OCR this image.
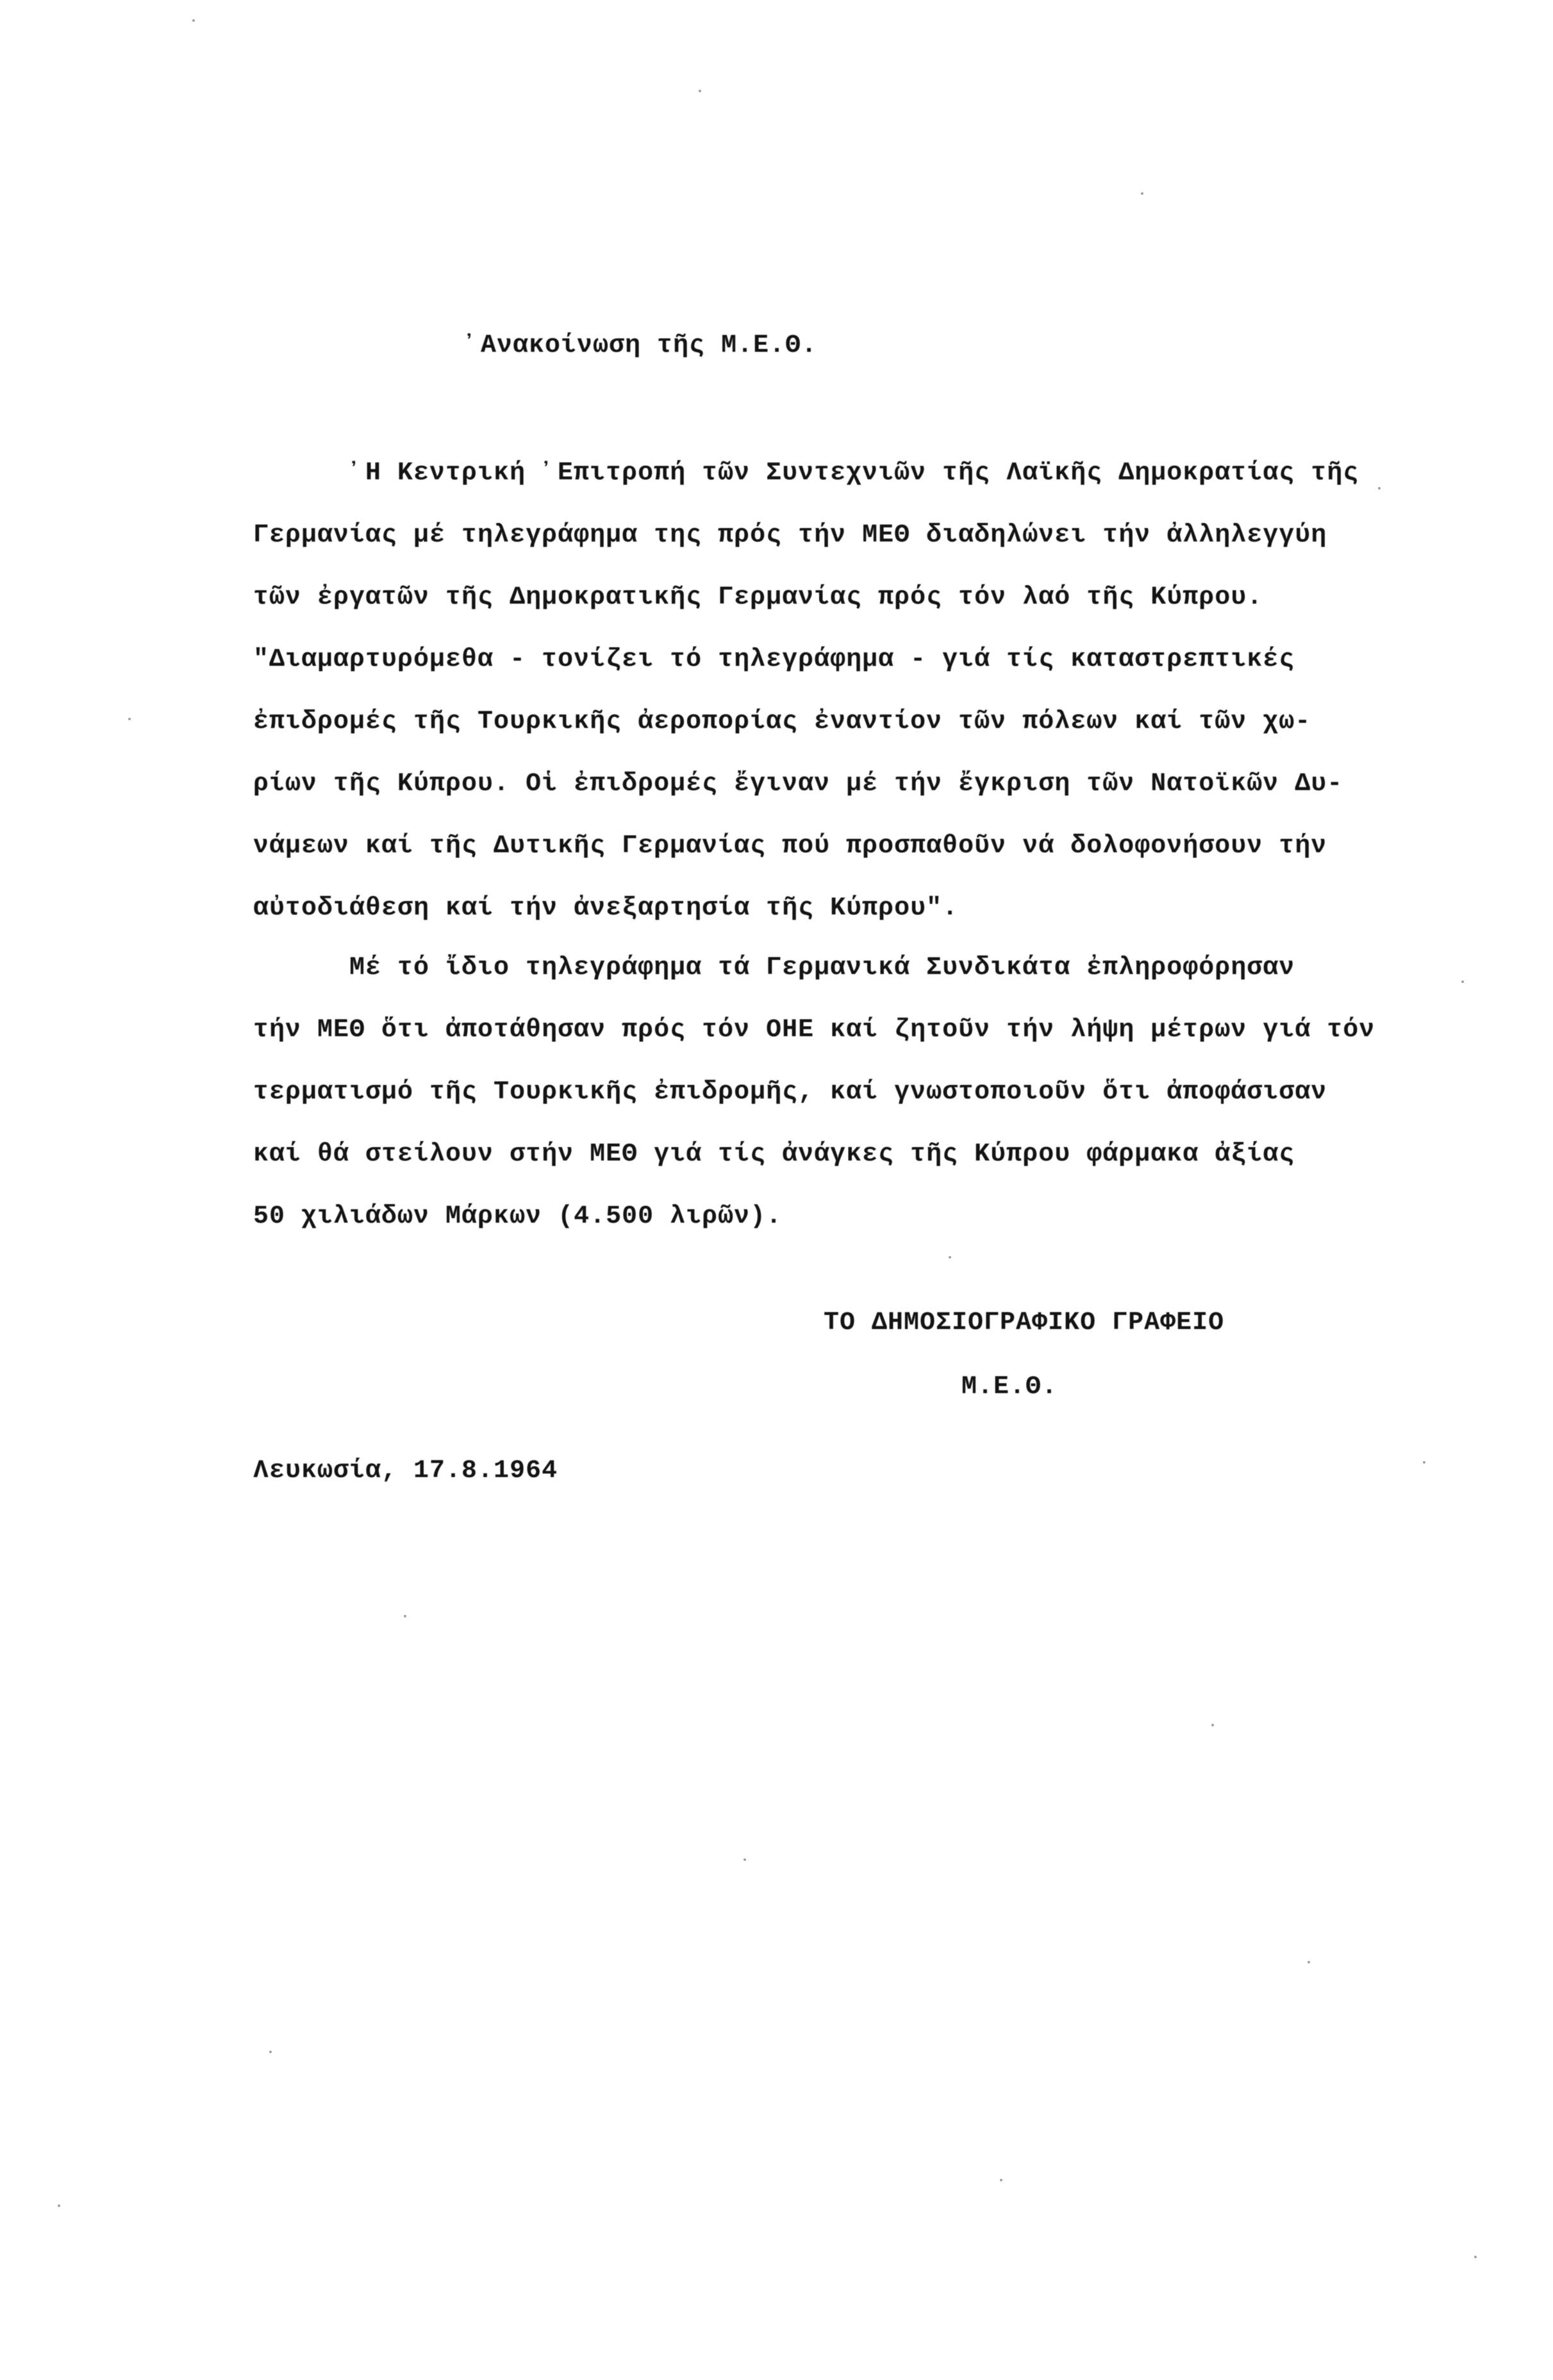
᾿Ανακοίνωση τῆς Μ.Ε.Θ.
᾿Η Κεντρική ᾿Επιτροπή τῶν Συντεχνιῶν τῆς Λαϊκῆς Δημοκρατίας τῆς
Γερμανίας μέ τηλεγράφημα της πρός τήν ΜΕΘ διαδηλώνει τήν ἀλληλεγγύη
τῶν ἐργατῶν τῆς Δημοκρατικῆς Γερμανίας πρός τόν λαό τῆς Κύπρου.
"Διαμαρτυρόμεθα - τονίζει τό τηλεγράφημα - γιά τίς καταστρεπτικές
ἐπιδρομές τῆς Τουρκικῆς ἀεροπορίας ἐναντίον τῶν πόλεων καί τῶν χω-
ρίων τῆς Κύπρου. Οἱ ἐπιδρομές ἔγιναν μέ τήν ἔγκριση τῶν Νατοϊκῶν Δυ-
νάμεων καί τῆς Δυτικῆς Γερμανίας πού προσπαθοῦν νά δολοφονήσουν τήν
αὐτοδιάθεση καί τήν ἀνεξαρτησία τῆς Κύπρου".
Μέ τό ἴδιο τηλεγράφημα τά Γερμανικά Συνδικάτα ἐπληροφόρησαν
τήν ΜΕΘ ὅτι ἀποτάθησαν πρός τόν ΟΗΕ καί ζητοῦν τήν λήψη μέτρων γιά τόν
τερματισμό τῆς Τουρκικῆς ἐπιδρομῆς, καί γνωστοποιοῦν ὅτι ἀποφάσισαν
καί θά στείλουν στήν ΜΕΘ γιά τίς ἀνάγκες τῆς Κύπρου φάρμακα ἀξίας
50 χιλιάδων Μάρκων (4.500 λιρῶν).
ΤΟ ΔΗΜΟΣΙΟΓΡΑΦΙΚΟ ΓΡΑΦΕΙΟ
Μ.Ε.Θ.
Λευκωσία, 17.8.1964
